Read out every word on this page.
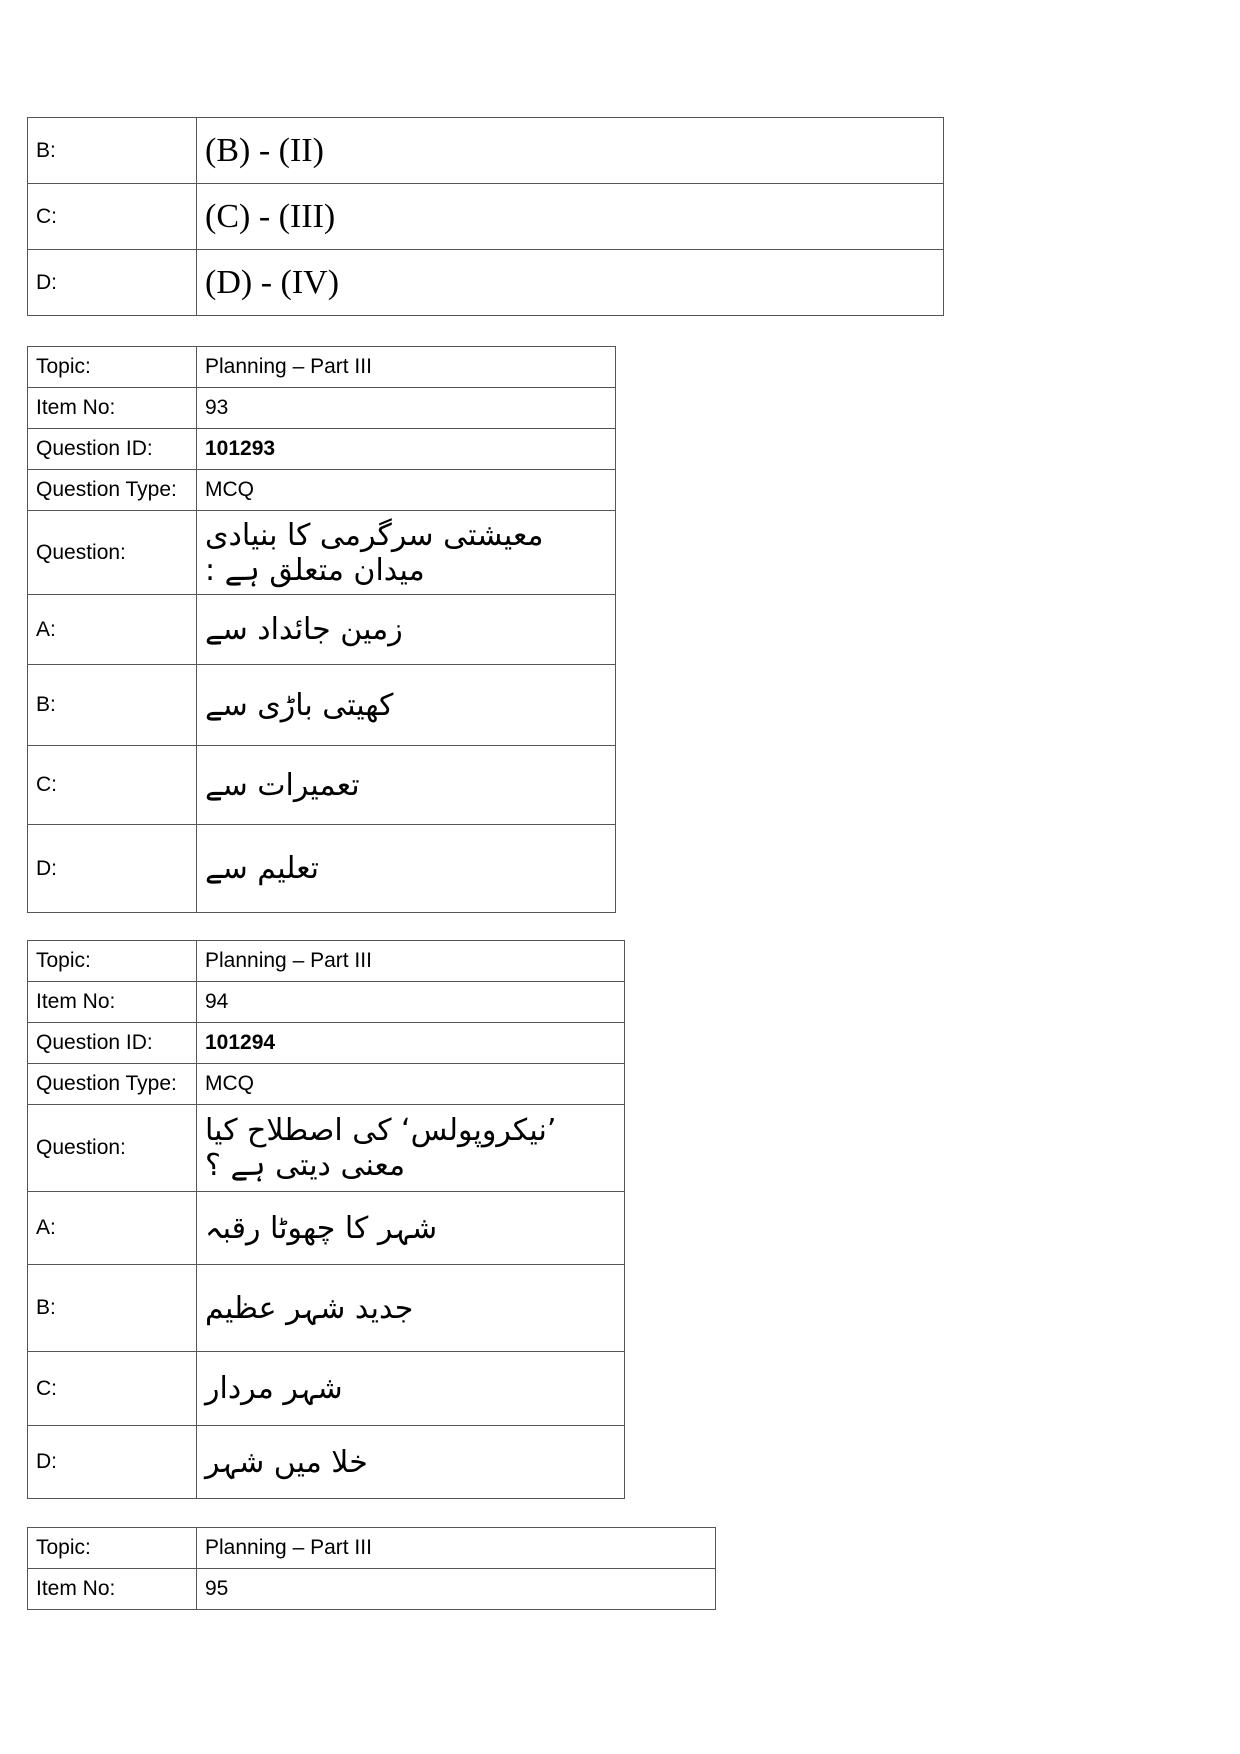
B:	(B) - (II)
C:	(C) - (III)
D:	(D) - (IV)
Topic:	Planning – Part III
Item No:	93
Question ID:	101293
Question Type:	MCQ
Question:	معیشتی سرگرمی کا بنیادی میدان متعلق ہے :
A:	زمین جائداد سے
B:	کھیتی باڑی سے
C:	تعمیرات سے
D:	تعلیم سے
Topic:	Planning – Part III
Item No:	94
Question ID:	101294
Question Type:	MCQ
Question:	’نیکروپولس‘ کی اصطلاح کیا معنی دیتی ہے ؟
A:	شہر کا چھوٹا رقبہ
B:	جدید شہر عظیم
C:	شہر مردار
D:	خلا میں شہر
Topic:	Planning – Part III
Item No:	95
